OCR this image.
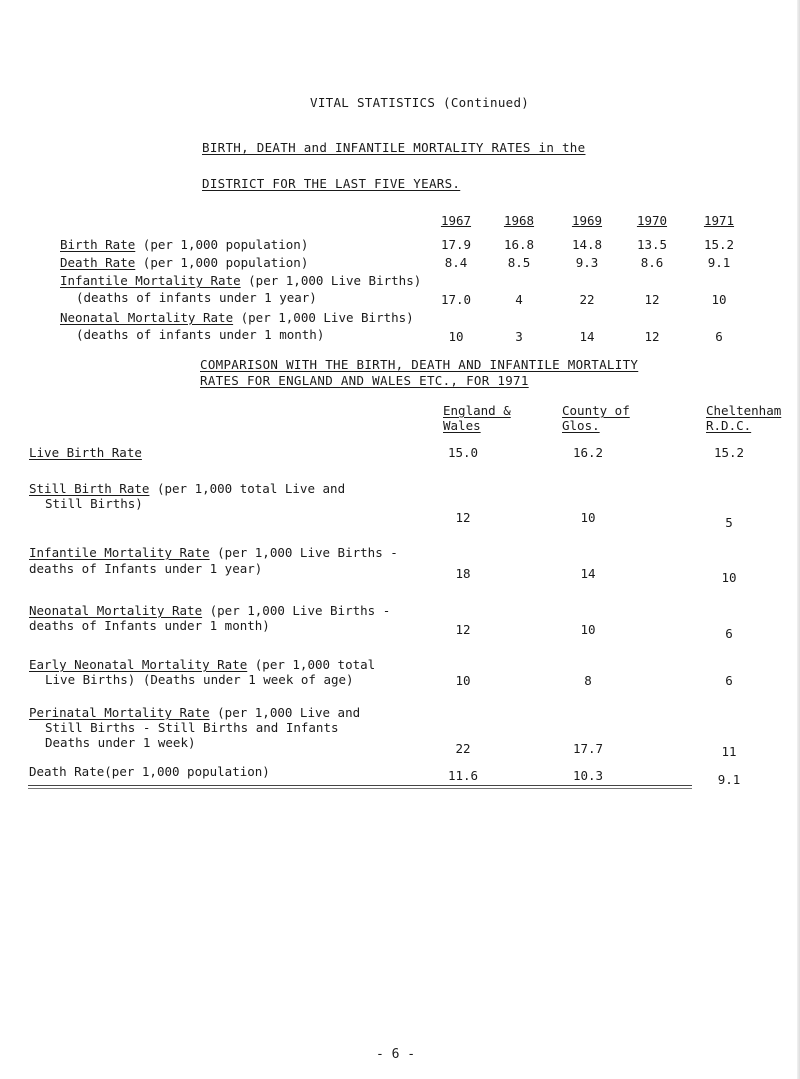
VITAL STATISTICS (Continued)
BIRTH, DEATH and INFANTILE MORTALITY RATES in the
DISTRICT FOR THE LAST FIVE YEARS.
1967	1968	1969	1970	1971
Birth Rate (per 1,000 population)	17.9	16.8	14.8	13.5	15.2
Death Rate (per 1,000 population)	8.4	8.5	9.3	8.6	9.1
Infantile Mortality Rate (per 1,000 Live Births)
(deaths of infants under 1 year)	17.0	4	22	12	10
Neonatal Mortality Rate (per 1,000 Live Births)
(deaths of infants under 1 month)	10	3	14	12	6
COMPARISON WITH THE BIRTH, DEATH AND INFANTILE MORTALITY
RATES FOR ENGLAND AND WALES ETC., FOR 1971
England &
Wales
County of
Glos.
Cheltenham
R.D.C.
Live Birth Rate	15.0	16.2	15.2
Still Birth Rate (per 1,000 total Live and
Still Births)
12	10	5
Infantile Mortality Rate (per 1,000 Live Births -
deaths of Infants under 1 year)	18	14	10
Neonatal Mortality Rate (per 1,000 Live Births -
deaths of Infants under 1 month)	12	10	6
Early Neonatal Mortality Rate (per 1,000 total
Live Births) (Deaths under 1 week of age)	10	8	6
Perinatal Mortality Rate (per 1,000 Live and
Still Births - Still Births and Infants
Deaths under 1 week)	22	17.7	11
Death Rate(per 1,000 population)	11.6	10.3	9.1
- 6 -
